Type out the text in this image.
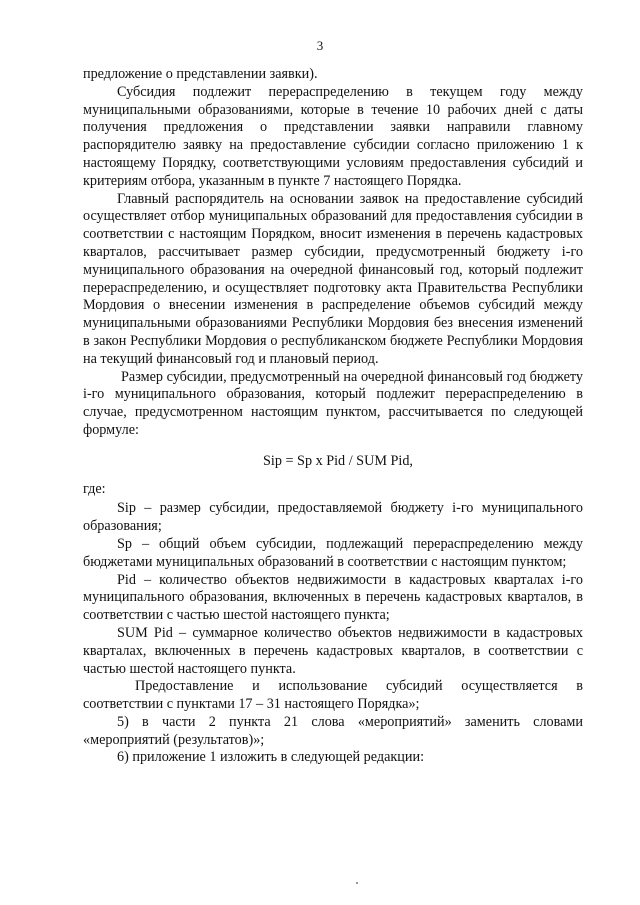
3

предложение о представлении заявки).

Субсидия подлежит перераспределению в текущем году между муниципальными образованиями, которые в течение 10 рабочих дней с даты получения предложения о представлении заявки направили главному распорядителю заявку на предоставление субсидии согласно приложению 1 к настоящему Порядку, соответствующими условиям предоставления субсидий и критериям отбора, указанным в пункте 7 настоящего Порядка.

Главный распорядитель на основании заявок на предоставление субсидий осуществляет отбор муниципальных образований для предоставления субсидии в соответствии с настоящим Порядком, вносит изменения в перечень кадастровых кварталов, рассчитывает размер субсидии, предусмотренный бюджету i-го муниципального образования на очередной финансовый год, который подлежит перераспределению, и осуществляет подготовку акта Правительства Республики Мордовия о внесении изменения в распределение объемов субсидий между муниципальными образованиями Республики Мордовия без внесения изменений в закон Республики Мордовия о республиканском бюджете Республики Мордовия на текущий финансовый год и плановый период.

Размер субсидии, предусмотренный на очередной финансовый год бюджету i-го муниципального образования, который подлежит перераспределению в случае, предусмотренном настоящим пунктом, рассчитывается по следующей формуле:

Sip = Sp x Pid / SUM Pid,

где:

Sip – размер субсидии, предоставляемой бюджету i-го муниципального образования;

Sp – общий объем субсидии, подлежащий перераспределению между бюджетами муниципальных образований в соответствии с настоящим пунктом;

Pid – количество объектов недвижимости в кадастровых кварталах i-го муниципального образования, включенных в перечень кадастровых кварталов, в соответствии с частью шестой настоящего пункта;

SUM Pid – суммарное количество объектов недвижимости в кадастровых кварталах, включенных в перечень кадастровых кварталов, в соответствии с частью шестой настоящего пункта.

Предоставление и использование субсидий осуществляется в соответствии с пунктами 17 – 31 настоящего Порядка»;

5) в части 2 пункта 21 слова «мероприятий» заменить словами «мероприятий (результатов)»;

6) приложение 1 изложить в следующей редакции:
